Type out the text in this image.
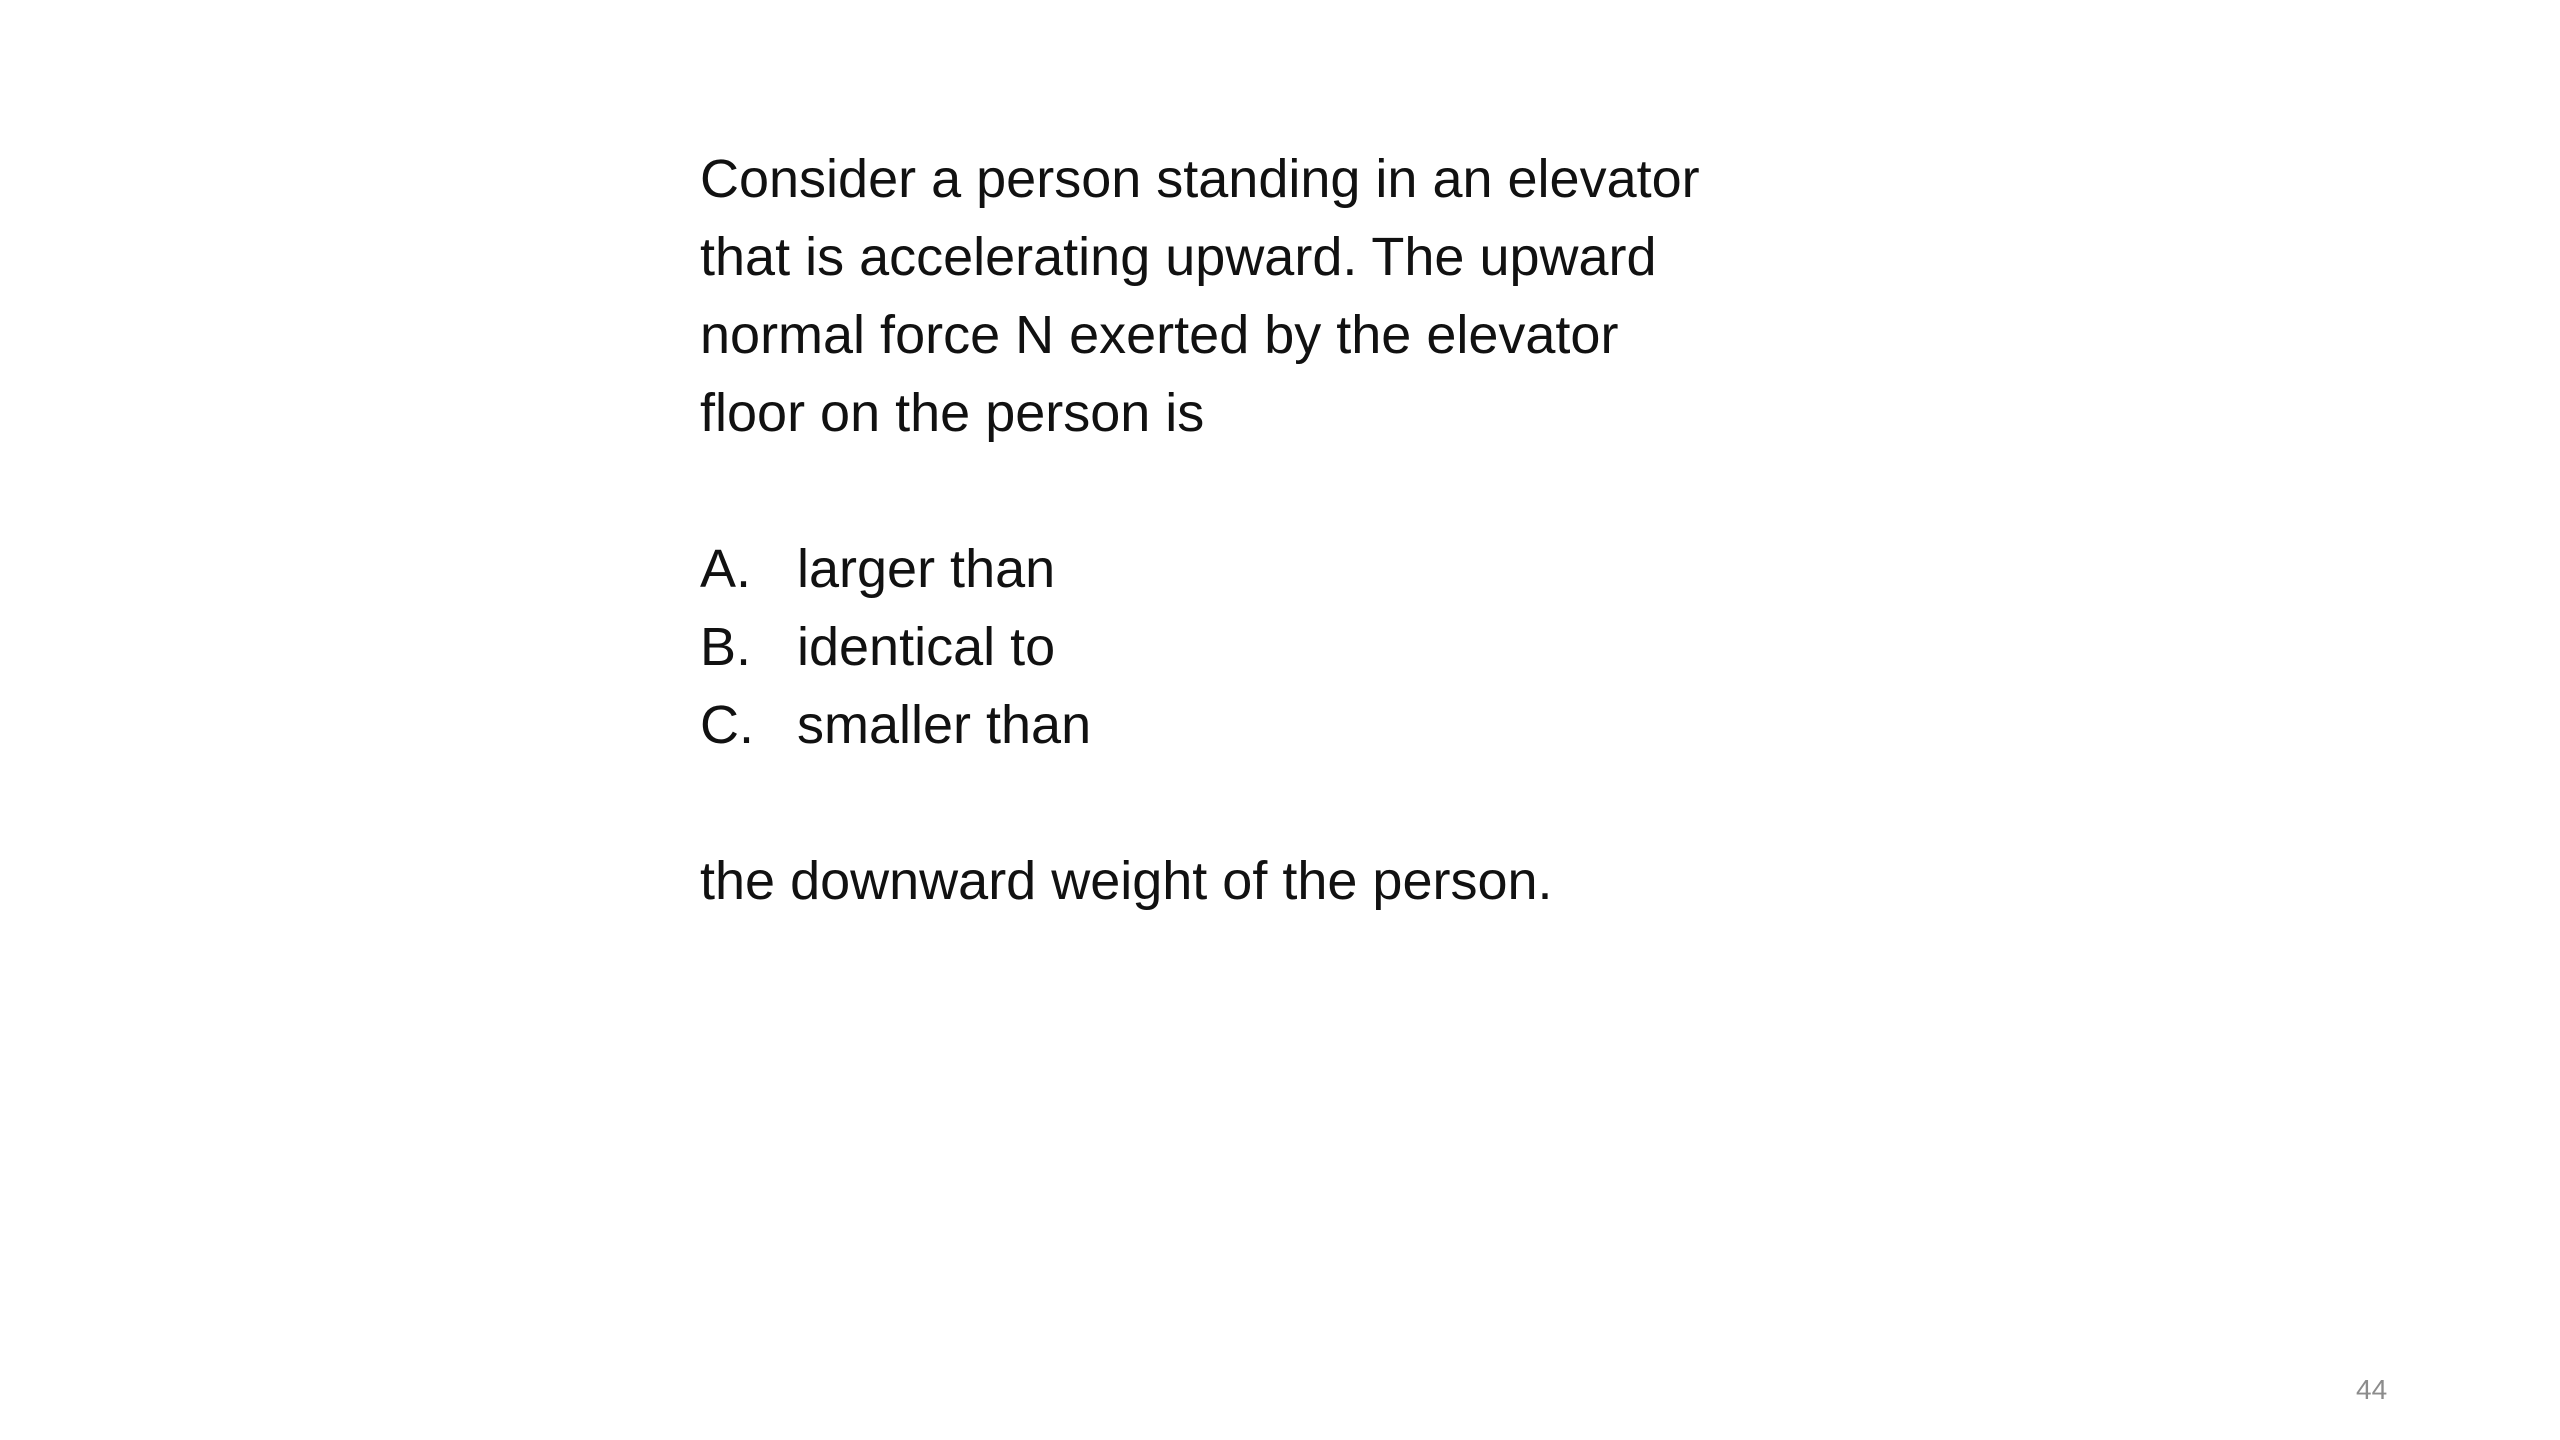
Consider a person standing in an elevator
that is accelerating upward. The upward
normal force N exerted by the elevator
floor on the person is

A. larger than
B. identical to
C. smaller than

the downward weight of the person.

44
